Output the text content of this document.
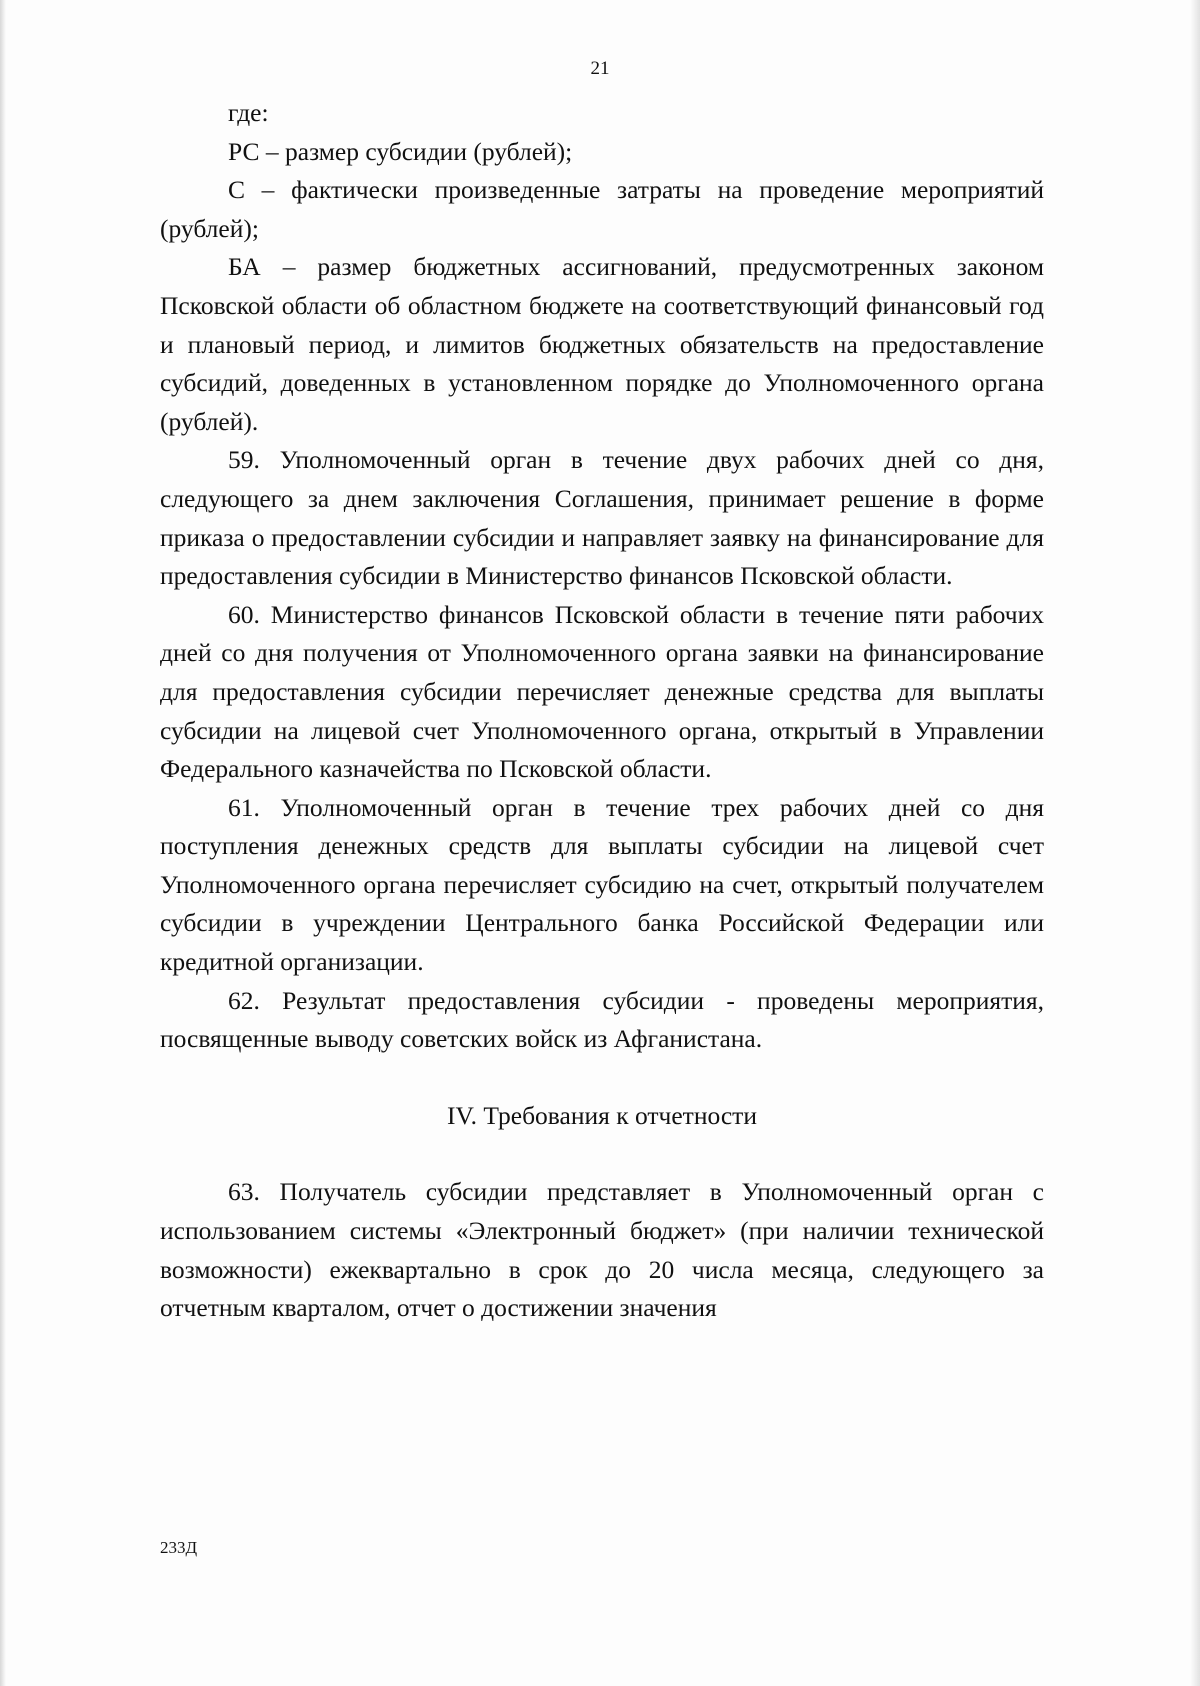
21

где:

РС – размер субсидии (рублей);

С – фактически произведенные затраты на проведение мероприятий (рублей);

БА – размер бюджетных ассигнований, предусмотренных законом Псковской области об областном бюджете на соответствующий финансовый год и плановый период, и лимитов бюджетных обязательств на предоставление субсидий, доведенных в установленном порядке до Уполномоченного органа (рублей).

59. Уполномоченный орган в течение двух рабочих дней со дня, следующего за днем заключения Соглашения, принимает решение в форме приказа о предоставлении субсидии и направляет заявку на финансирование для предоставления субсидии в Министерство финансов Псковской области.

60. Министерство финансов Псковской области в течение пяти рабочих дней со дня получения от Уполномоченного органа заявки на финансирование для предоставления субсидии перечисляет денежные средства для выплаты субсидии на лицевой счет Уполномоченного органа, открытый в Управлении Федерального казначейства по Псковской области.

61. Уполномоченный орган в течение трех рабочих дней со дня поступления денежных средств для выплаты субсидии на лицевой счет Уполномоченного органа перечисляет субсидию на счет, открытый получателем субсидии в учреждении Центрального банка Российской Федерации или кредитной организации.

62. Результат предоставления субсидии - проведены мероприятия, посвященные выводу советских войск из Афганистана.

IV. Требования к отчетности

63. Получатель субсидии представляет в Уполномоченный орган с использованием системы «Электронный бюджет» (при наличии технической возможности) ежеквартально в срок до 20 числа месяца, следующего за отчетным кварталом, отчет о достижении значения

233Д
